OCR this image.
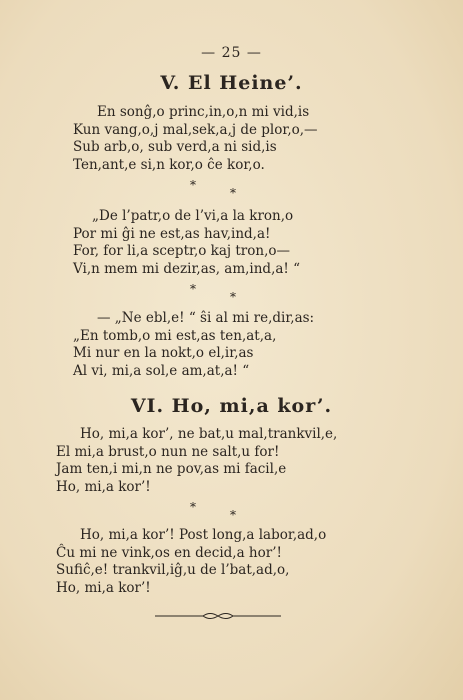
— 25 —
V. El Heine’.
En sonĝ,o princ,in,o,n mi vid,is
Kun vang,o,j mal,sek,a,j de plor,o,—
Sub arb,o, sub verd,a ni sid,is
Ten,ant,e si,n kor,o ĉe kor,o.
*
*
„De l’patr,o de l’vi,a la kron,o
Por mi ĝi ne est,as hav,ind,a!
For, for li,a sceptr,o kaj tron,o—
Vi,n mem mi dezir,as, am,ind,a! “
*
*
— „Ne ebl,e! “ ŝi al mi re,dir,as:
„En tomb,o mi est,as ten,at,a,
Mi nur en la nokt,o el,ir,as
Al vi, mi,a sol,e am,at,a! “
VI. Ho, mi,a kor’.
Ho, mi,a kor’, ne bat,u mal,trankvil,e,
El mi,a brust,o nun ne salt,u for!
Jam ten,i mi,n ne pov,as mi facil,e
Ho, mi,a kor’!
*
*
Ho, mi,a kor’! Post long,a labor,ad,o
Ĉu mi ne vink,os en decid,a hor’!
Sufiĉ,e! trankvil,iĝ,u de l’bat,ad,o,
Ho, mi,a kor’!
